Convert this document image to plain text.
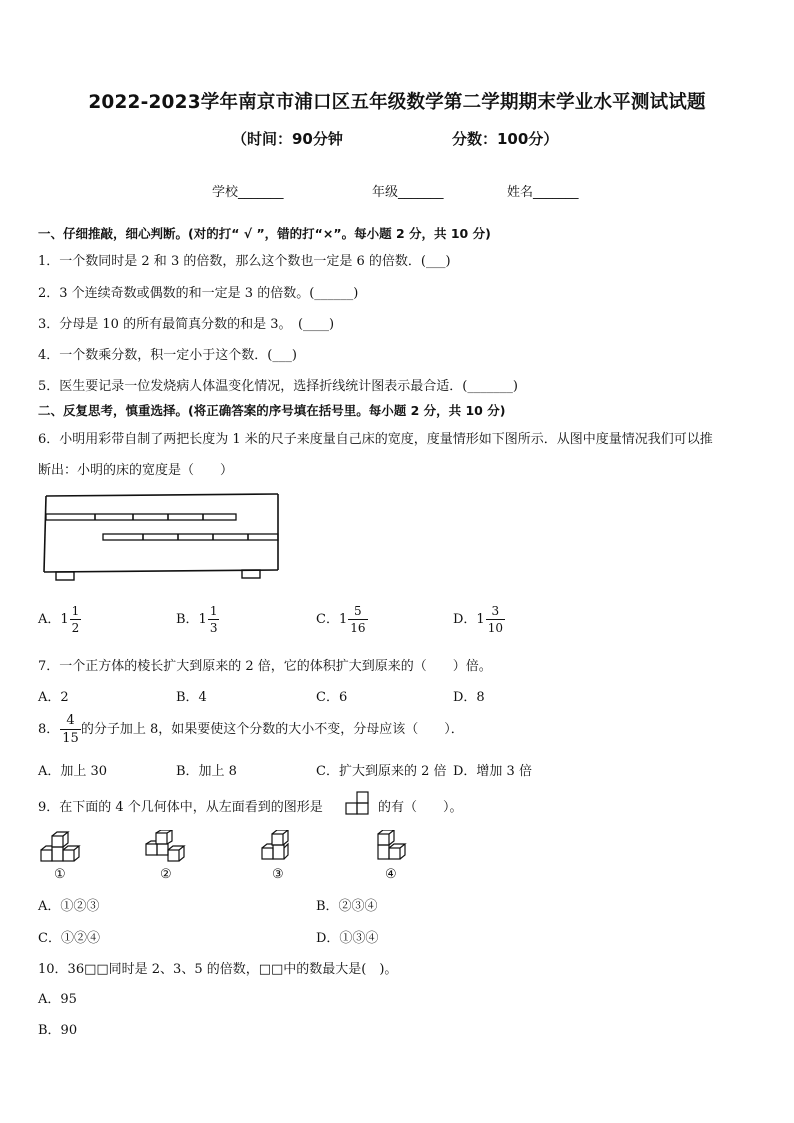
2022-2023学年南京市浦口区五年级数学第二学期期末学业水平测试试题
（时间：90分钟	分数：100分）
学校_______	年级_______	姓名_______
一、仔细推敲，细心判断。(对的打“ √ ”，错的打“×”。每小题 2 分，共 10 分)
1．一个数同时是 2 和 3 的倍数，那么这个数也一定是 6 的倍数．(___)
2．3 个连续奇数或偶数的和一定是 3 的倍数。(______)
3．分母是 10 的所有最简真分数的和是 3。　(____)
4．一个数乘分数，积一定小于这个数．(___)
5．医生要记录一位发烧病人体温变化情况，选择折线统计图表示最合适．(_______)
二、反复思考，慎重选择。(将正确答案的序号填在括号里。每小题 2 分，共 10 分)
6．小明用彩带自制了两把长度为 1 米的尺子来度量自己床的宽度，度量情形如下图所示．从图中度量情况我们可以推
断出：小明的床的宽度是（　　）
A．$1 \frac{1}{2}$	B．$1 \frac{1}{3}$	C．$1 \frac{5}{16}$	D．$1 \frac{3}{10}$
7．一个正方体的棱长扩大到原来的 2 倍，它的体积扩大到原来的（　　）倍。
A．2	B．4	C．6	D．8
8． $\frac{4}{15}$ 的分子加上 8，如果要使这个分数的大小不变，分母应该（　　）．
A．加上 30	B．加上 8	C．扩大到原来的 2 倍 D．增加 3 倍
9．在下面的 4 个几何体中，从左面看到的图形是	的有（　　）。
①	②	③	④
A．①②③	B．②③④
C．①②④	D．①③④
10．36□□同时是 2、3、5 的倍数，□□中的数最大是(　)。
A．95
B．90
